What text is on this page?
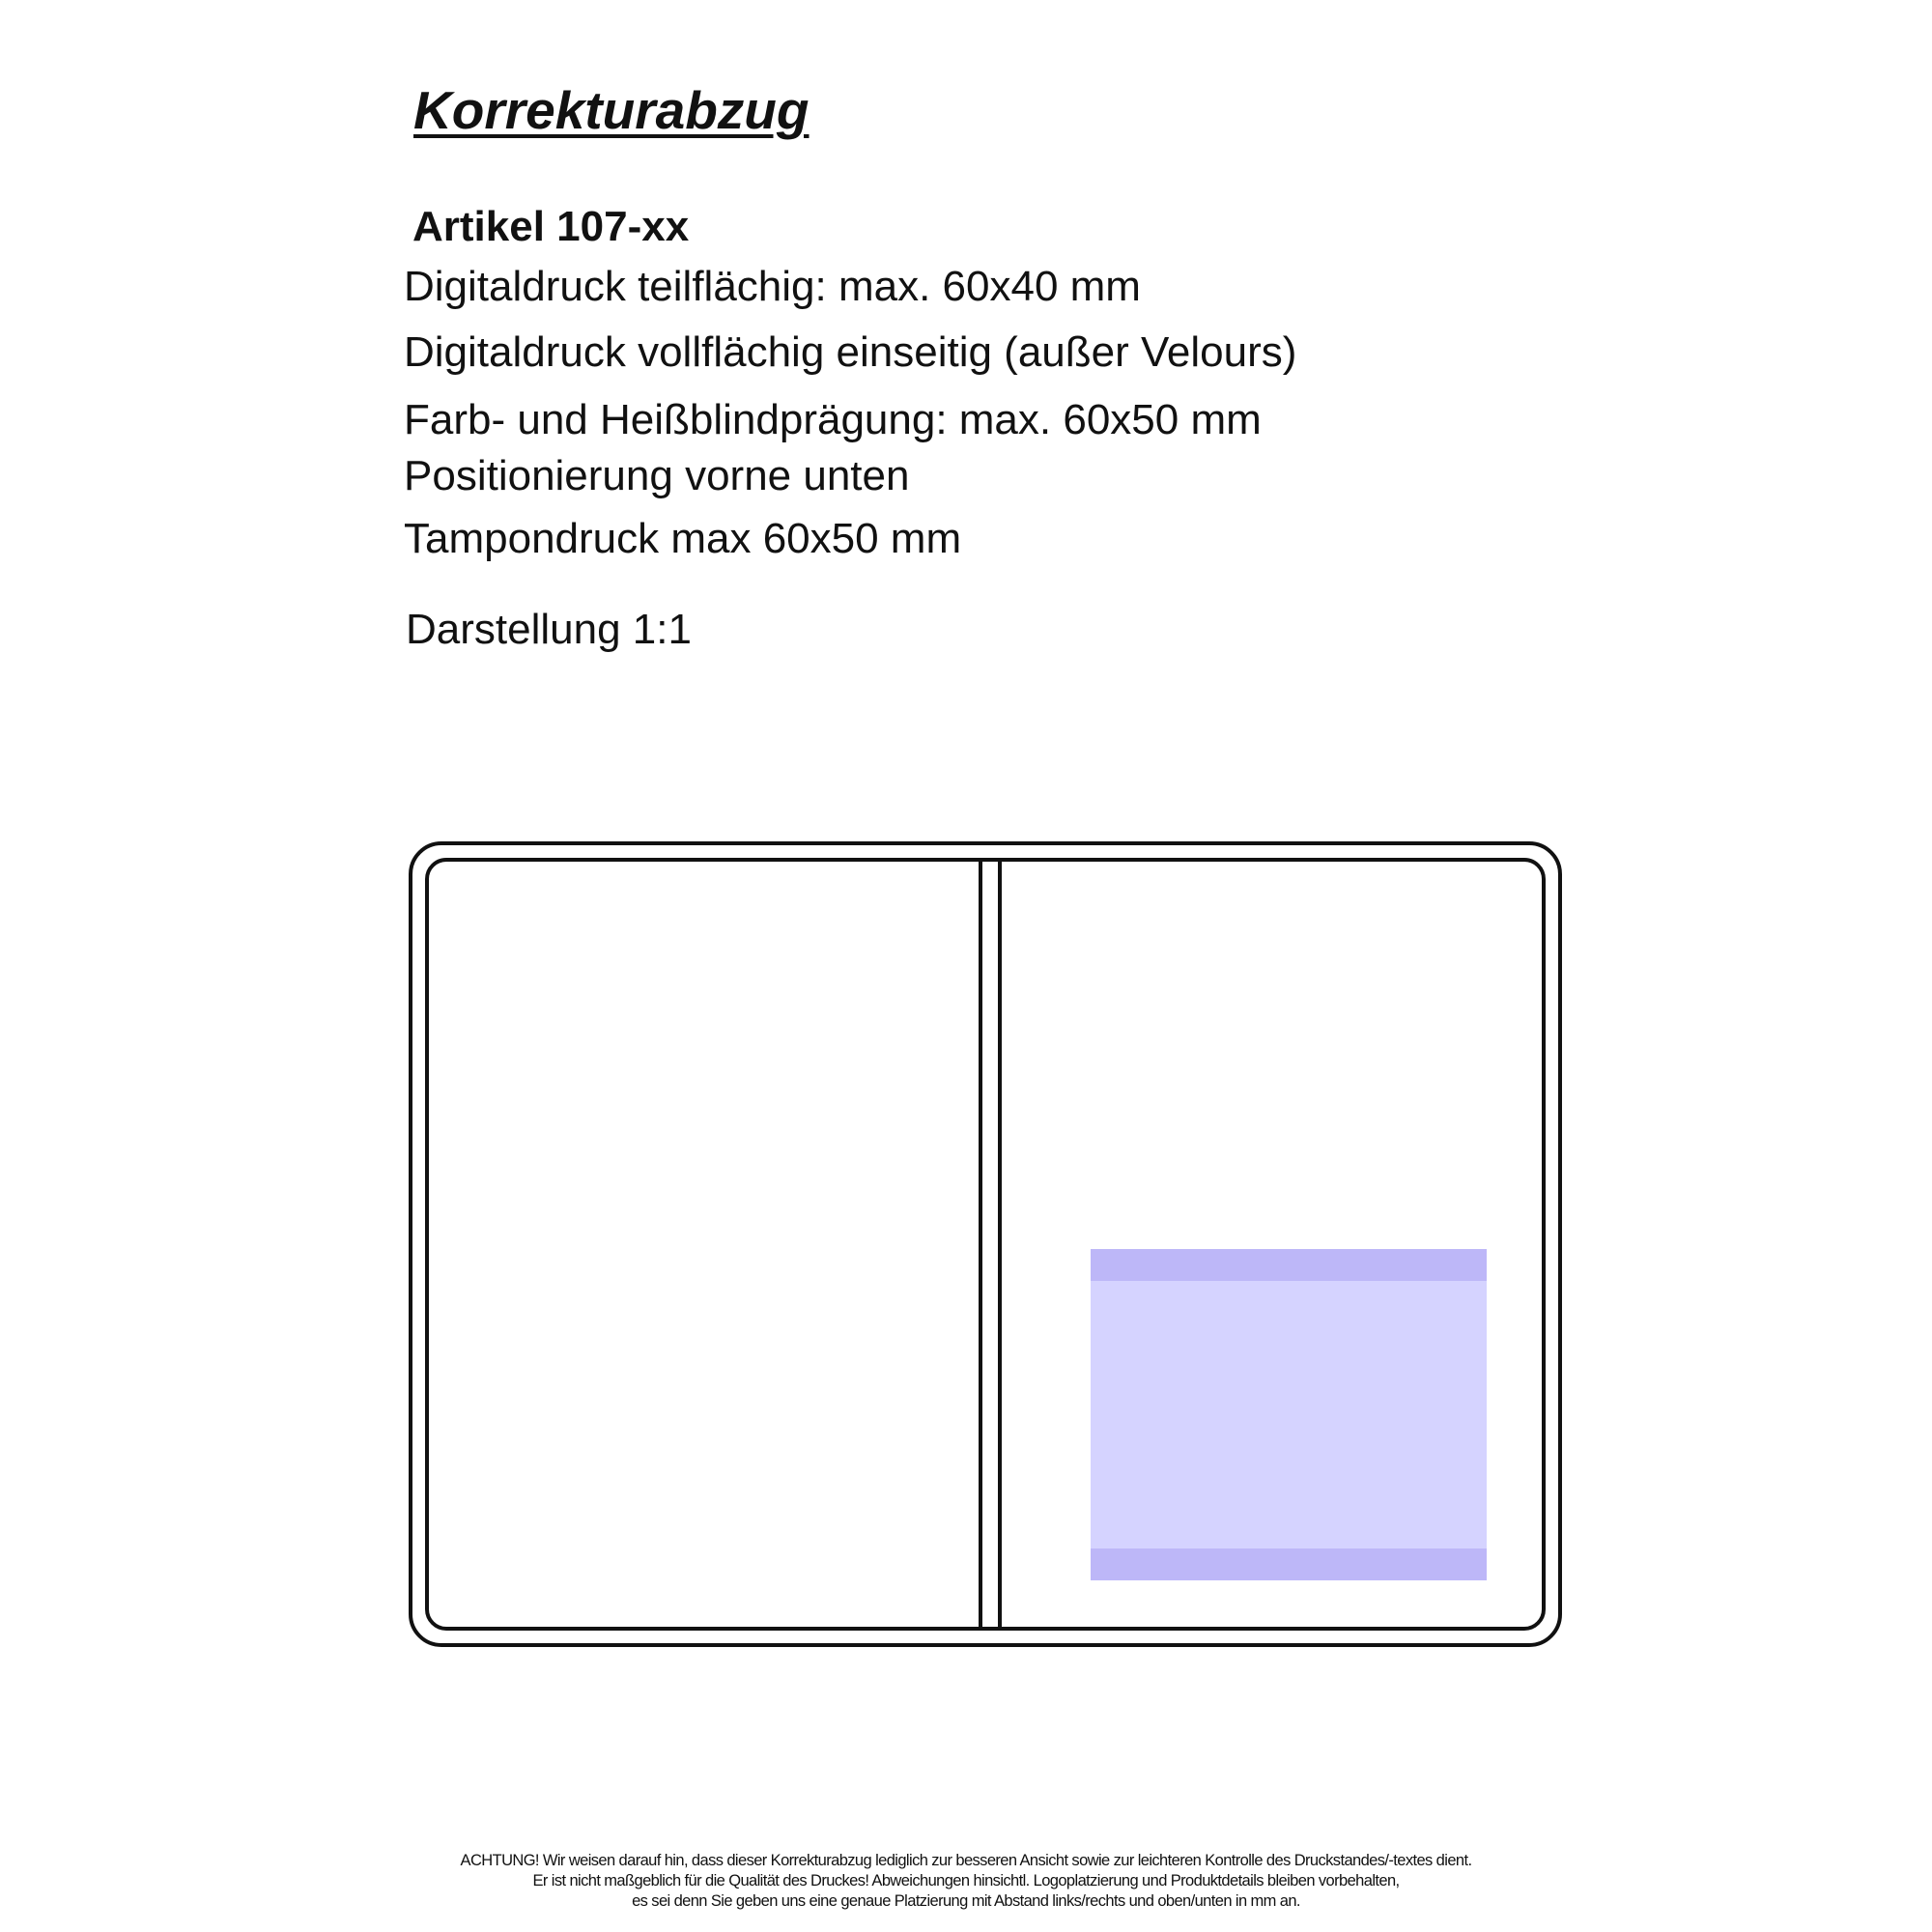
Korrekturabzug
Artikel 107-xx
Digitaldruck teilflächig: max. 60x40 mm
Digitaldruck vollflächig einseitig (außer Velours)
Farb- und Heißblindprägung: max. 60x50 mm
Positionierung vorne unten
Tampondruck max 60x50 mm
Darstellung 1:1
ACHTUNG! Wir weisen darauf hin, dass dieser Korrekturabzug lediglich zur besseren Ansicht sowie zur leichteren Kontrolle des Druckstandes/-textes dient.
Er ist nicht maßgeblich für die Qualität des Druckes! Abweichungen hinsichtl. Logoplatzierung und Produktdetails bleiben vorbehalten,
es sei denn Sie geben uns eine genaue Platzierung mit Abstand links/rechts und oben/unten in mm an.
